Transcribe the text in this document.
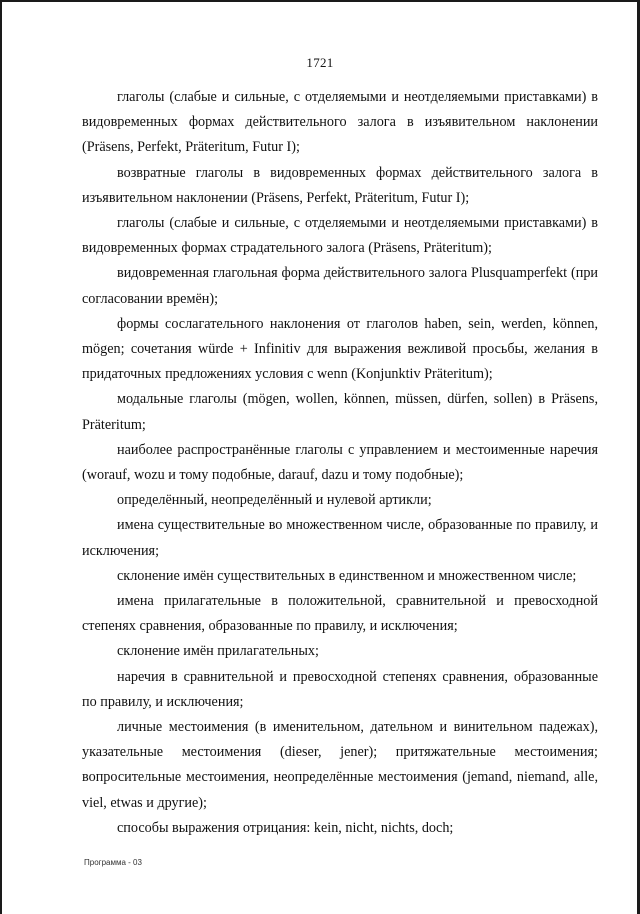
1721

глаголы (слабые и сильные, с отделяемыми и неотделяемыми приставками) в видовременных формах действительного залога в изъявительном наклонении (Präsens, Perfekt, Präteritum, Futur I);

возвратные глаголы в видовременных формах действительного залога в изъявительном наклонении (Präsens, Perfekt, Präteritum, Futur I);

глаголы (слабые и сильные, с отделяемыми и неотделяемыми приставками) в видовременных формах страдательного залога (Präsens, Präteritum);

видовременная глагольная форма действительного залога Plusquamperfekt (при согласовании времён);

формы сослагательного наклонения от глаголов haben, sein, werden, können, mögen; сочетания würde + Infinitiv для выражения вежливой просьбы, желания в придаточных предложениях условия с wenn (Konjunktiv Präteritum);

модальные глаголы (mögen, wollen, können, müssen, dürfen, sollen) в Präsens, Präteritum;

наиболее распространённые глаголы с управлением и местоименные наречия (worauf, wozu и тому подобные, darauf, dazu и тому подобные);

определённый, неопределённый и нулевой артикли;

имена существительные во множественном числе, образованные по правилу, и исключения;

склонение имён существительных в единственном и множественном числе;

имена прилагательные в положительной, сравнительной и превосходной степенях сравнения, образованные по правилу, и исключения;

склонение имён прилагательных;

наречия в сравнительной и превосходной степенях сравнения, образованные по правилу, и исключения;

личные местоимения (в именительном, дательном и винительном падежах), указательные местоимения (dieser, jener); притяжательные местоимения; вопросительные местоимения, неопределённые местоимения (jemand, niemand, alle, viel, etwas и другие);

способы выражения отрицания: kein, nicht, nichts, doch;

Программа - 03
